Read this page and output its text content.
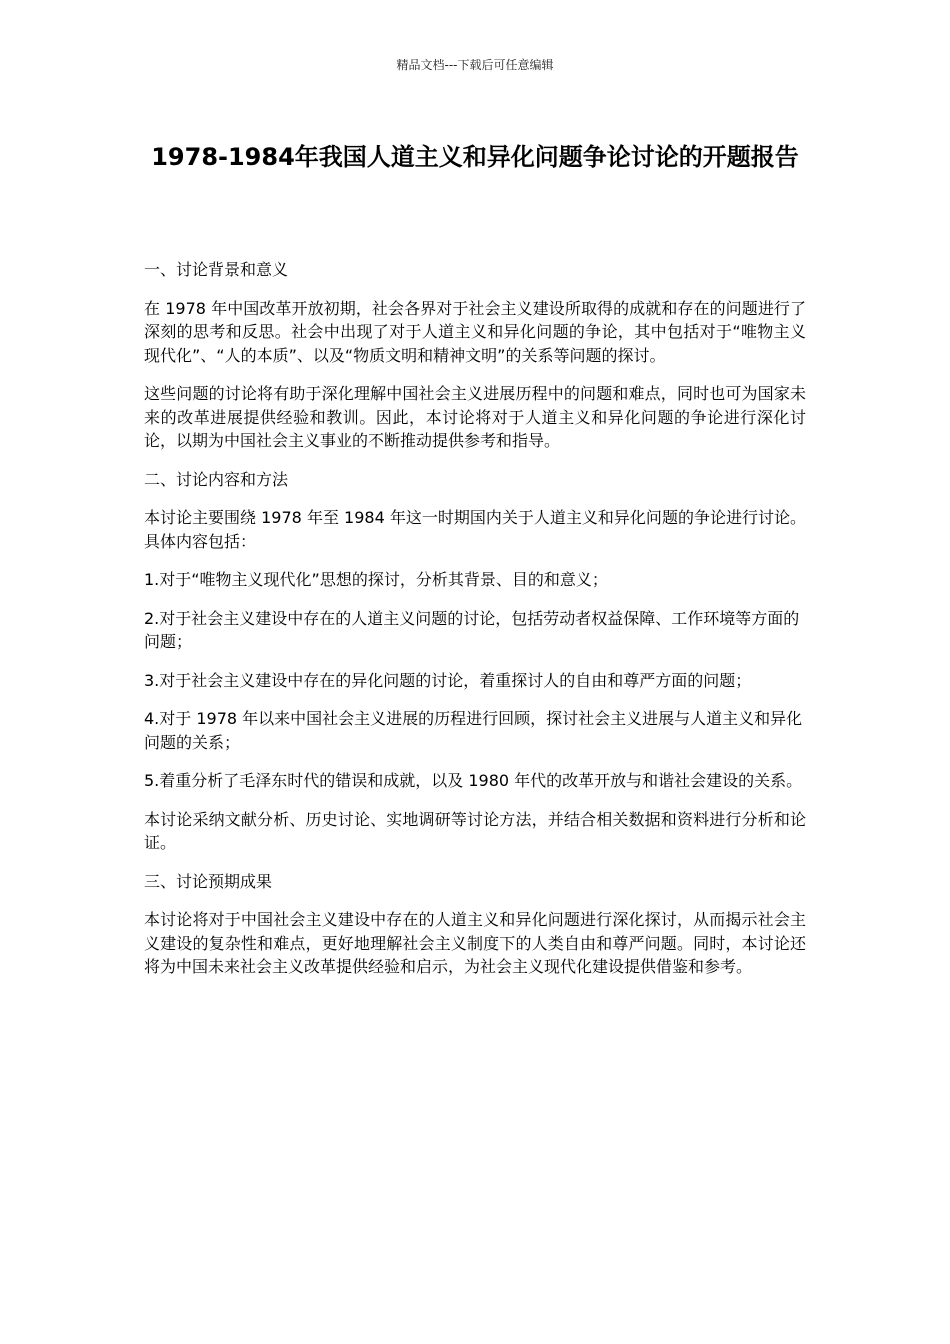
精品文档---下载后可任意编辑
1978-1984年我国人道主义和异化问题争论讨论的开题报告

一、讨论背景和意义

在 1978 年中国改革开放初期，社会各界对于社会主义建设所取得的成就和存在的问题进行了深刻的思考和反思。社会中出现了对于人道主义和异化问题的争论，其中包括对于“唯物主义现代化”、“人的本质”、以及“物质文明和精神文明”的关系等问题的探讨。

这些问题的讨论将有助于深化理解中国社会主义进展历程中的问题和难点，同时也可为国家未来的改革进展提供经验和教训。因此，本讨论将对于人道主义和异化问题的争论进行深化讨论，以期为中国社会主义事业的不断推动提供参考和指导。

二、讨论内容和方法

本讨论主要围绕 1978 年至 1984 年这一时期国内关于人道主义和异化问题的争论进行讨论。具体内容包括：

1.对于“唯物主义现代化”思想的探讨，分析其背景、目的和意义；

2.对于社会主义建设中存在的人道主义问题的讨论，包括劳动者权益保障、工作环境等方面的问题；

3.对于社会主义建设中存在的异化问题的讨论，着重探讨人的自由和尊严方面的问题；

4.对于 1978 年以来中国社会主义进展的历程进行回顾，探讨社会主义进展与人道主义和异化问题的关系；

5.着重分析了毛泽东时代的错误和成就，以及 1980 年代的改革开放与和谐社会建设的关系。

本讨论采纳文献分析、历史讨论、实地调研等讨论方法，并结合相关数据和资料进行分析和论证。

三、讨论预期成果

本讨论将对于中国社会主义建设中存在的人道主义和异化问题进行深化探讨，从而揭示社会主义建设的复杂性和难点，更好地理解社会主义制度下的人类自由和尊严问题。同时，本讨论还将为中国未来社会主义改革提供经验和启示，为社会主义现代化建设提供借鉴和参考。
